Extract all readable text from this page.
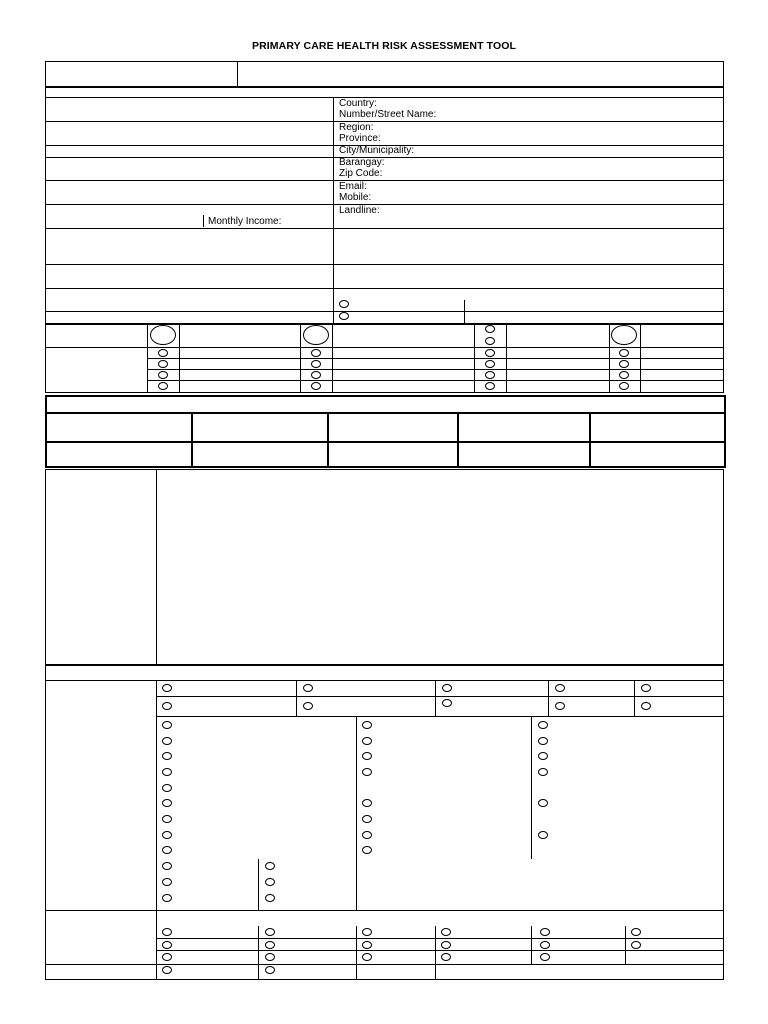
PRIMARY CARE HEALTH RISK ASSESSMENT TOOL
Country:
Number/Street Name:
Region:
Province:
City/Municipality:
Barangay:
Zip Code:
Email:
Mobile:
Landline:
Monthly Income:
